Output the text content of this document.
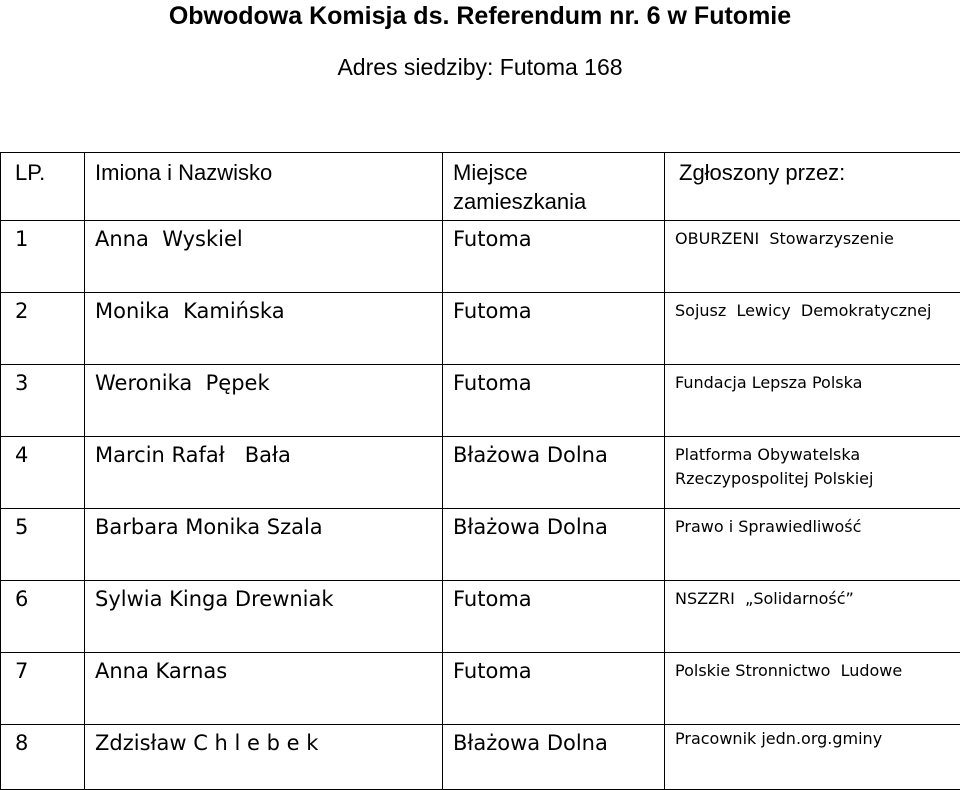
Obwodowa Komisja ds. Referendum nr. 6 w Futomie
Adres siedziby: Futoma 168
LP.	Imiona i Nazwisko	Miejsce zamieszkania	Zgłoszony przez:
1	Anna  Wyskiel	Futoma	OBURZENI  Stowarzyszenie
2	Monika  Kamińska	Futoma	Sojusz  Lewicy  Demokratycznej
3	Weronika  Pępek	Futoma	Fundacja Lepsza Polska
4	Marcin Rafał   Bała	Błażowa Dolna	Platforma Obywatelska Rzeczypospolitej Polskiej
5	Barbara Monika Szala	Błażowa Dolna	Prawo i Sprawiedliwość
6	Sylwia Kinga Drewniak	Futoma	NSZZRI  „Solidarność”
7	Anna Karnas	Futoma	Polskie Stronnictwo  Ludowe
8	Zdzisław C h l e b e k	Błażowa Dolna	Pracownik jedn.org.gminy
